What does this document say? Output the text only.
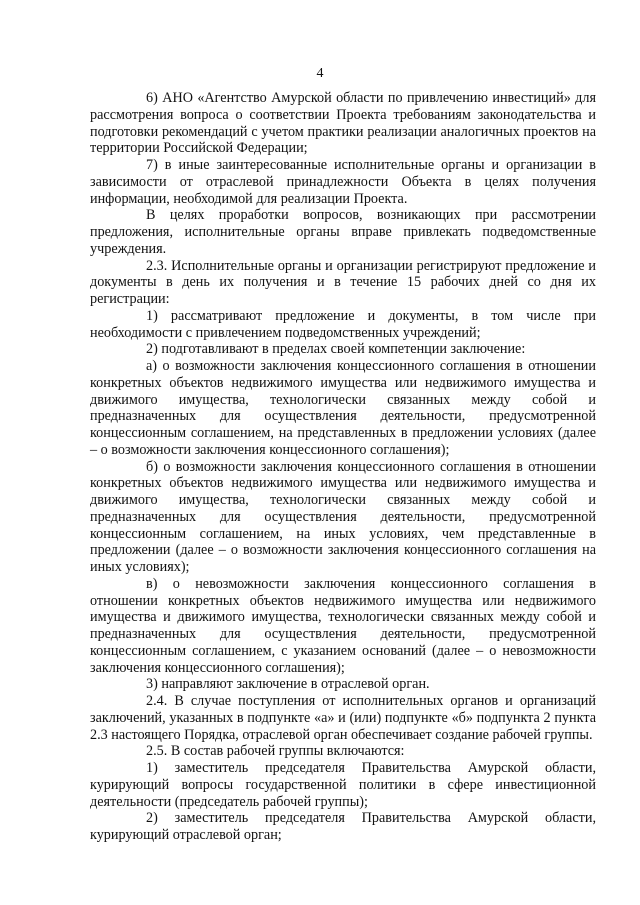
4

6) АНО «Агентство Амурской области по привлечению инвестиций» для рассмотрения вопроса о соответствии Проекта требованиям законодательства и подготовки рекомендаций с учетом практики реализации аналогичных проектов на территории Российской Федерации;

7) в иные заинтересованные исполнительные органы и организации в зависимости от отраслевой принадлежности Объекта в целях получения информации, необходимой для реализации Проекта.

В целях проработки вопросов, возникающих при рассмотрении предложения, исполнительные органы вправе привлекать подведомственные учреждения.

2.3. Исполнительные органы и организации регистрируют предложение и документы в день их получения и в течение 15 рабочих дней со дня их регистрации:

1) рассматривают предложение и документы, в том числе при необходимости с привлечением подведомственных учреждений;

2) подготавливают в пределах своей компетенции заключение:

а) о возможности заключения концессионного соглашения в отношении конкретных объектов недвижимого имущества или недвижимого имущества и движимого имущества, технологически связанных между собой и предназначенных для осуществления деятельности, предусмотренной концессионным соглашением, на представленных в предложении условиях (далее – о возможности заключения концессионного соглашения);

б) о возможности заключения концессионного соглашения в отношении конкретных объектов недвижимого имущества или недвижимого имущества и движимого имущества, технологически связанных между собой и предназначенных для осуществления деятельности, предусмотренной концессионным соглашением, на иных условиях, чем представленные в предложении (далее – о возможности заключения концессионного соглашения на иных условиях);

в) о невозможности заключения концессионного соглашения в отношении конкретных объектов недвижимого имущества или недвижимого имущества и движимого имущества, технологически связанных между собой и предназначенных для осуществления деятельности, предусмотренной концессионным соглашением, с указанием оснований (далее – о невозможности заключения концессионного соглашения);

3) направляют заключение в отраслевой орган.

2.4. В случае поступления от исполнительных органов и организаций заключений, указанных в подпункте «а» и (или) подпункте «б» подпункта 2 пункта 2.3 настоящего Порядка, отраслевой орган обеспечивает создание рабочей группы.

2.5. В состав рабочей группы включаются:

1) заместитель председателя Правительства Амурской области, курирующий вопросы государственной политики в сфере инвестиционной деятельности (председатель рабочей группы);

2) заместитель председателя Правительства Амурской области, курирующий отраслевой орган;
